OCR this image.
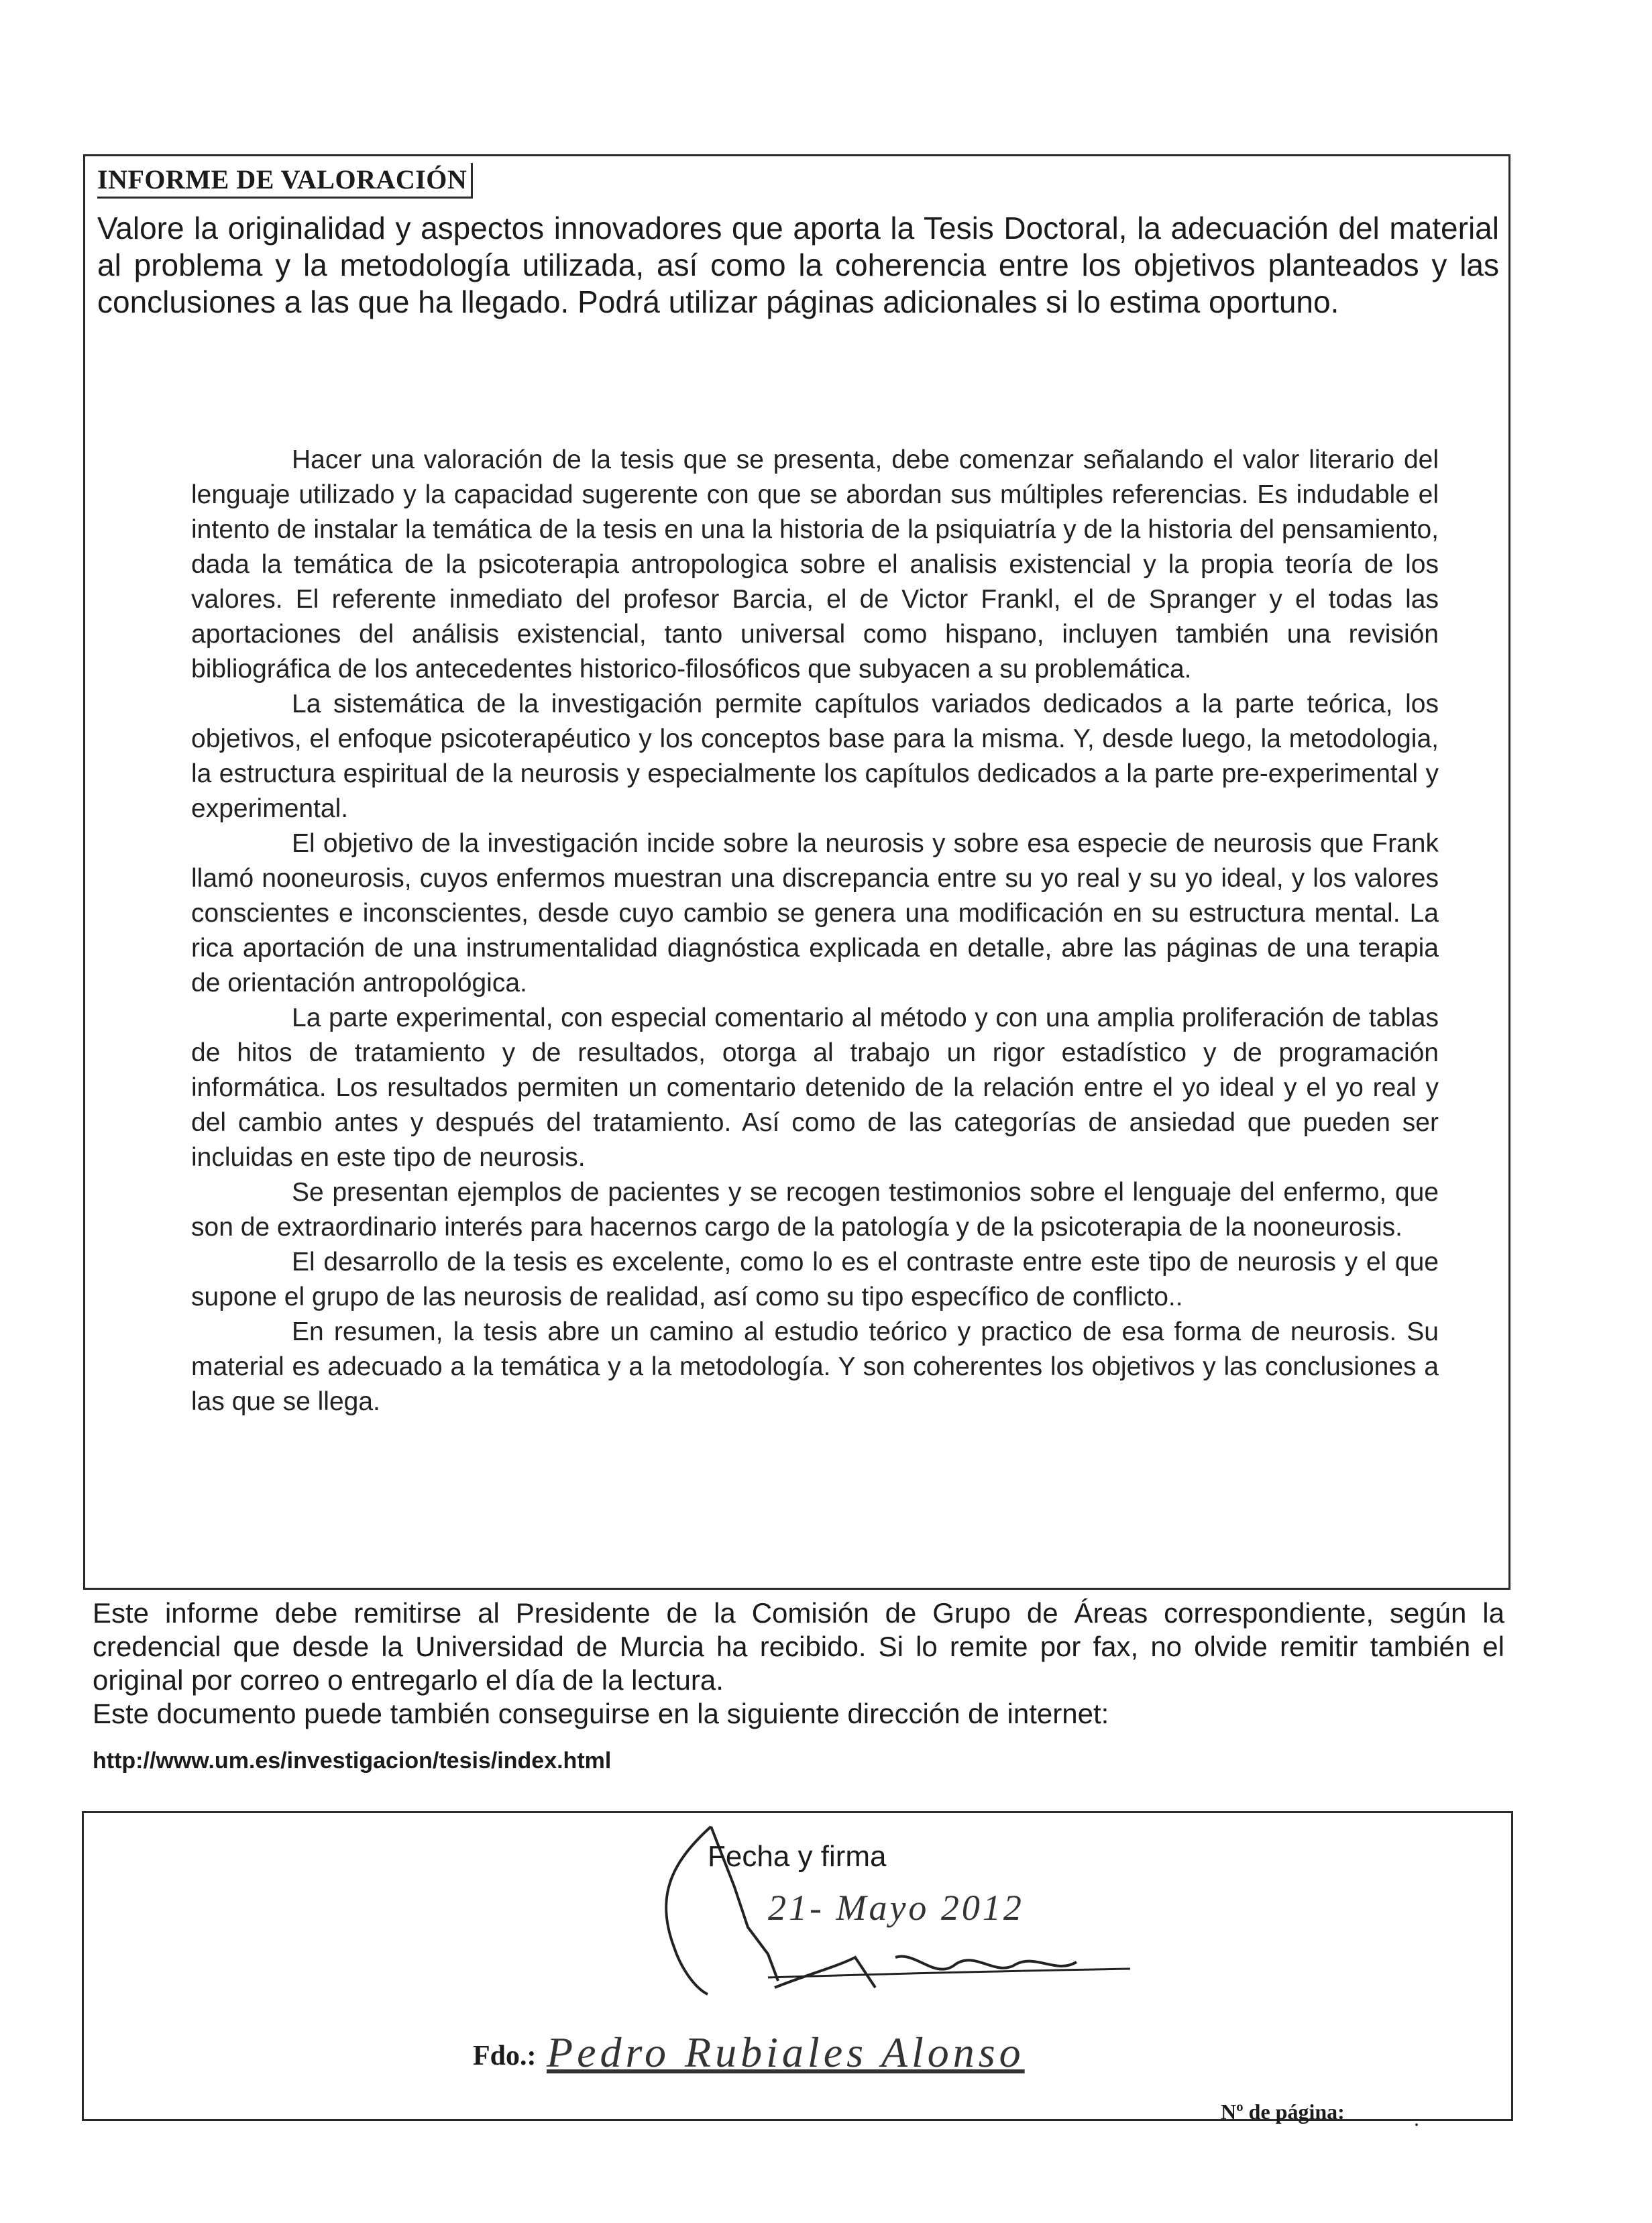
INFORME DE VALORACIÓN

Valore la originalidad y aspectos innovadores que aporta la Tesis Doctoral, la adecuación del material al problema y la metodología utilizada, así como la coherencia entre los objetivos planteados y las conclusiones a las que ha llegado. Podrá utilizar páginas adicionales si lo estima oportuno.

Hacer una valoración de la tesis que se presenta, debe comenzar señalando el valor literario del lenguaje utilizado y la capacidad sugerente con que se abordan sus múltiples referencias. Es indudable el intento de instalar la temática de la tesis en una la historia de la psiquiatría y de la historia del pensamiento, dada la temática de la psicoterapia antropologica sobre el analisis existencial y la propia teoría de los valores. El referente inmediato del profesor Barcia, el de Victor Frankl, el de Spranger y el todas las aportaciones del análisis existencial, tanto universal como hispano, incluyen también una revisión bibliográfica de los antecedentes historico-filosóficos que subyacen a su problemática.

La sistemática de la investigación permite capítulos variados dedicados a la parte teórica, los objetivos, el enfoque psicoterapéutico y los conceptos base para la misma. Y, desde luego, la metodologia, la estructura espiritual de la neurosis y especialmente los capítulos dedicados a la parte pre-experimental y experimental.

El objetivo de la investigación incide sobre la neurosis y sobre esa especie de neurosis que Frank llamó nooneurosis, cuyos enfermos muestran una discrepancia entre su yo real y su yo ideal, y los valores conscientes e inconscientes, desde cuyo cambio se genera una modificación en su estructura mental. La rica aportación de una instrumentalidad diagnóstica explicada en detalle, abre las páginas de una terapia de orientación antropológica.

La parte experimental, con especial comentario al método y con una amplia proliferación de tablas de hitos de tratamiento y de resultados, otorga al trabajo un rigor estadístico y de programación informática. Los resultados permiten un comentario detenido de la relación entre el yo ideal y el yo real y del cambio antes y después del tratamiento. Así como de las categorías de ansiedad que pueden ser incluidas en este tipo de neurosis.

Se presentan ejemplos de pacientes y se recogen testimonios sobre el lenguaje del enfermo, que son de extraordinario interés para hacernos cargo de la patología y de la psicoterapia de la nooneurosis.

El desarrollo de la tesis es excelente, como lo es el contraste entre este tipo de neurosis y el que supone el grupo de las neurosis de realidad, así como su tipo específico de conflicto..

En resumen, la tesis abre un camino al estudio teórico y practico de esa forma de neurosis. Su material es adecuado a la temática y a la metodología. Y son coherentes los objetivos y las conclusiones a las que se llega.

Este informe debe remitirse al Presidente de la Comisión de Grupo de Áreas correspondiente, según la credencial que desde la Universidad de Murcia ha recibido. Si lo remite por fax, no olvide remitir también el original por correo o entregarlo el día de la lectura.
Este documento puede también conseguirse en la siguiente dirección de internet:
http://www.um.es/investigacion/tesis/index.html
Fecha y firma
21- Mayo 2012
Fdo.: Pedro Rubiales Alonso
Nº de página:	.
